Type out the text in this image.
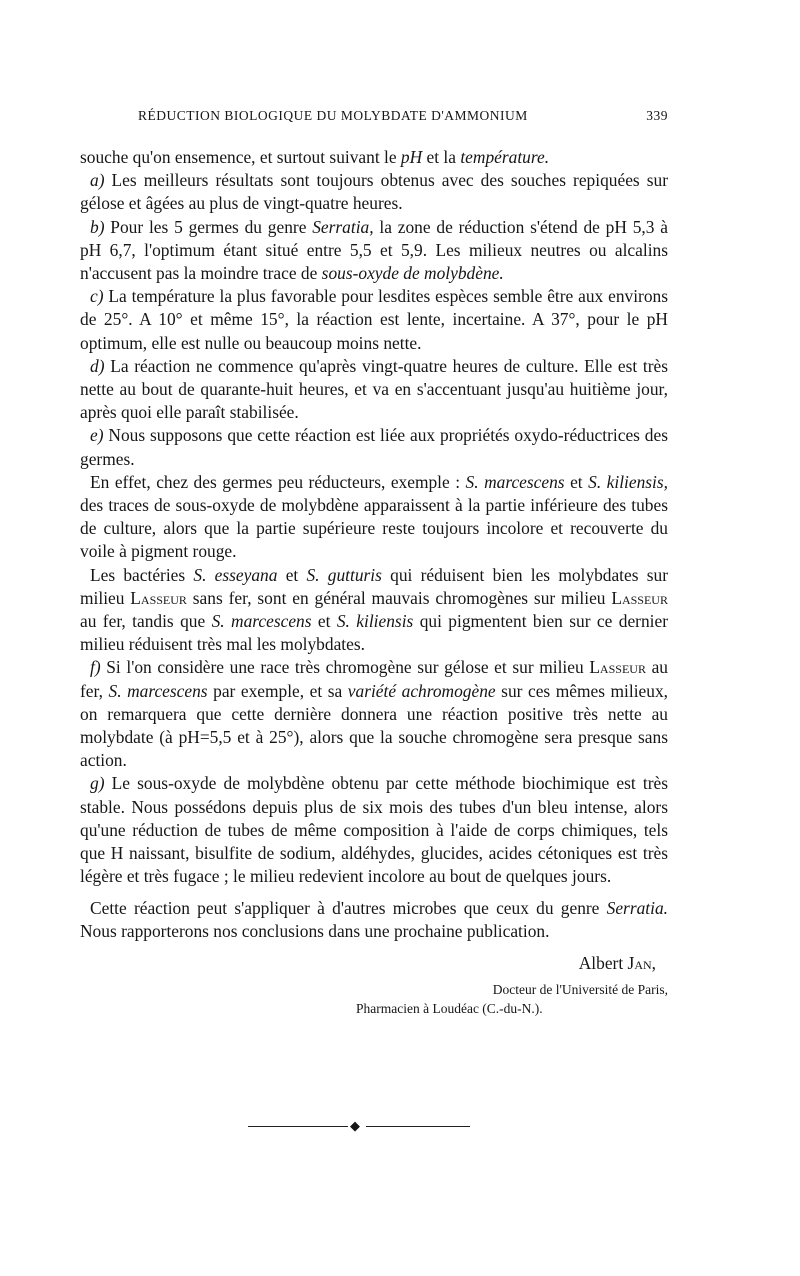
RÉDUCTION BIOLOGIQUE DU MOLYBDATE D'AMMONIUM	339

souche qu'on ensemence, et surtout suivant le pH et la température.

a) Les meilleurs résultats sont toujours obtenus avec des souches repiquées sur gélose et âgées au plus de vingt-quatre heures.

b) Pour les 5 germes du genre Serratia, la zone de réduction s'étend de pH 5,3 à pH 6,7, l'optimum étant situé entre 5,5 et 5,9. Les milieux neutres ou alcalins n'accusent pas la moindre trace de sous-oxyde de molybdène.

c) La température la plus favorable pour lesdites espèces semble être aux environs de 25°. A 10° et même 15°, la réaction est lente, incertaine. A 37°, pour le pH optimum, elle est nulle ou beaucoup moins nette.

d) La réaction ne commence qu'après vingt-quatre heures de culture. Elle est très nette au bout de quarante-huit heures, et va en s'accentuant jusqu'au huitième jour, après quoi elle paraît stabilisée.

e) Nous supposons que cette réaction est liée aux propriétés oxydo-réductrices des germes.

En effet, chez des germes peu réducteurs, exemple : S. marcescens et S. kiliensis, des traces de sous-oxyde de molybdène apparaissent à la partie inférieure des tubes de culture, alors que la partie supérieure reste toujours incolore et recouverte du voile à pigment rouge.

Les bactéries S. esseyana et S. gutturis qui réduisent bien les molybdates sur milieu Lasseur sans fer, sont en général mauvais chromogènes sur milieu Lasseur au fer, tandis que S. marcescens et S. kiliensis qui pigmentent bien sur ce dernier milieu réduisent très mal les molybdates.

f) Si l'on considère une race très chromogène sur gélose et sur milieu Lasseur au fer, S. marcescens par exemple, et sa variété achromogène sur ces mêmes milieux, on remarquera que cette dernière donnera une réaction positive très nette au molybdate (à pH=5,5 et à 25°), alors que la souche chromogène sera presque sans action.

g) Le sous-oxyde de molybdène obtenu par cette méthode biochimique est très stable. Nous possédons depuis plus de six mois des tubes d'un bleu intense, alors qu'une réduction de tubes de même composition à l'aide de corps chimiques, tels que H naissant, bisulfite de sodium, aldéhydes, glucides, acides cétoniques est très légère et très fugace ; le milieu redevient incolore au bout de quelques jours.

Cette réaction peut s'appliquer à d'autres microbes que ceux du genre Serratia. Nous rapporterons nos conclusions dans une prochaine publication.

Albert Jan,
Docteur de l'Université de Paris,
Pharmacien à Loudéac (C.-du-N.).
◆
